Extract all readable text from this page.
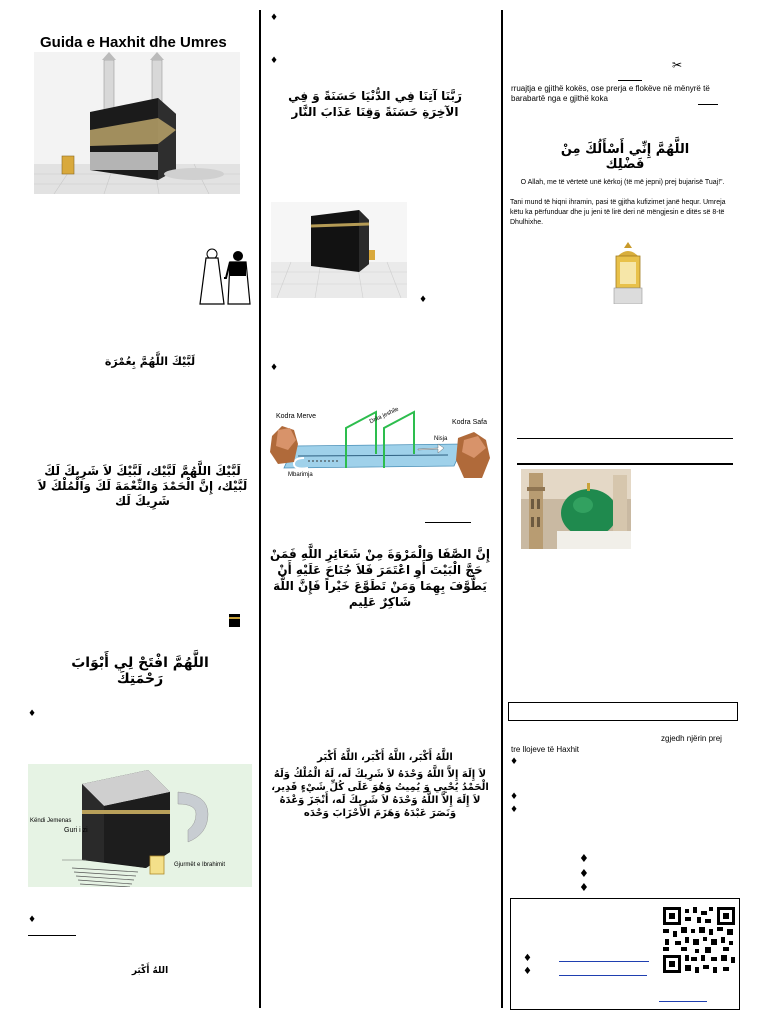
Guida e Haxhit dhe Umres
لَبَّيْكَ اللَّهُمَّ بِعُمْرَة
لَبَّيْكَ اللَّهُمَّ لَبَّيْك، لَبَّيْكَ لاَ شَرِيكَ لَكَ لَبَّيْك، إِنَّ الْحَمْدَ وَالنِّعْمَةَ لَكَ وَالْمُلْكَ لاَ شَرِيكَ لَك
اللَّهُمَّ افْتَحْ لِي أَبْوَابَ رَحْمَتِكَ
♦
Këndi Jemenas
Guri i zi
Gjurmët e Ibrahimit
♦
اللهُ أَكْبَر
♦
♦
رَبَّنَا آتِنَا فِي الدُّنْيَا حَسَنَةً وَ فِي الآخِرَةِ حَسَنَةً وَقِنَا عَذَابَ النَّار
♦
♦
Kodra Merve
Kodra Safa
Drita jeshile
Nisja
Mbarimja
إِنَّ الصَّفَا وَالْمَرْوَةَ مِنْ شَعَائِرِ اللَّهِ فَمَنْ حَجَّ الْبَيْتَ أَوِ اعْتَمَرَ فَلاَ جُنَاحَ عَلَيْهِ أَنْ يَطَّوَّفَ بِهِمَا وَمَنْ تَطَوَّعَ خَيْراً فَإِنَّ اللَّهَ شَاكِرٌ عَلِيم
اللَّهُ أَكْبَر، اللَّهُ أَكْبَر، اللَّهُ أَكْبَر
لاَ إِلَهَ إِلاَّ اللَّهُ وَحْدَهُ لاَ شَرِيكَ لَه، لَهُ الْمُلْكُ وَلَهُ الْحَمْدُ يُحْيِي وَ يُمِيتُ وَهُوَ عَلَى كُلِّ شَيْءٍ قَدِير، لاَ إِلَهَ إِلاَّ اللَّهُ وَحْدَهُ لاَ شَرِيكَ لَه، أَنْجَزَ وَعْدَهُ وَنَصَرَ عَبْدَهُ وَهَزَمَ الأَحْزَابَ وَحْدَه
✂
rruajtja e gjithë kokës, ose prerja e flokëve në mënyrë të barabartë nga e gjithë koka
اللَّهُمَّ إِنِّي أَسْأَلُكَ مِنْ فَضْلِك
O Allah, me të vërtetë unë kërkoj (të më jepni) prej bujarisë Tuaj!”.
Tani mund të hiqni ihramin, pasi të gjitha kufizimet janë hequr. Umreja këtu ka përfunduar dhe ju jeni të lirë deri në mëngjesin e ditës së 8-të Dhulhixhe.
zgjedh njërin prej
tre llojeve të Haxhit
♦
♦
♦
♦
♦
♦
♦
♦
